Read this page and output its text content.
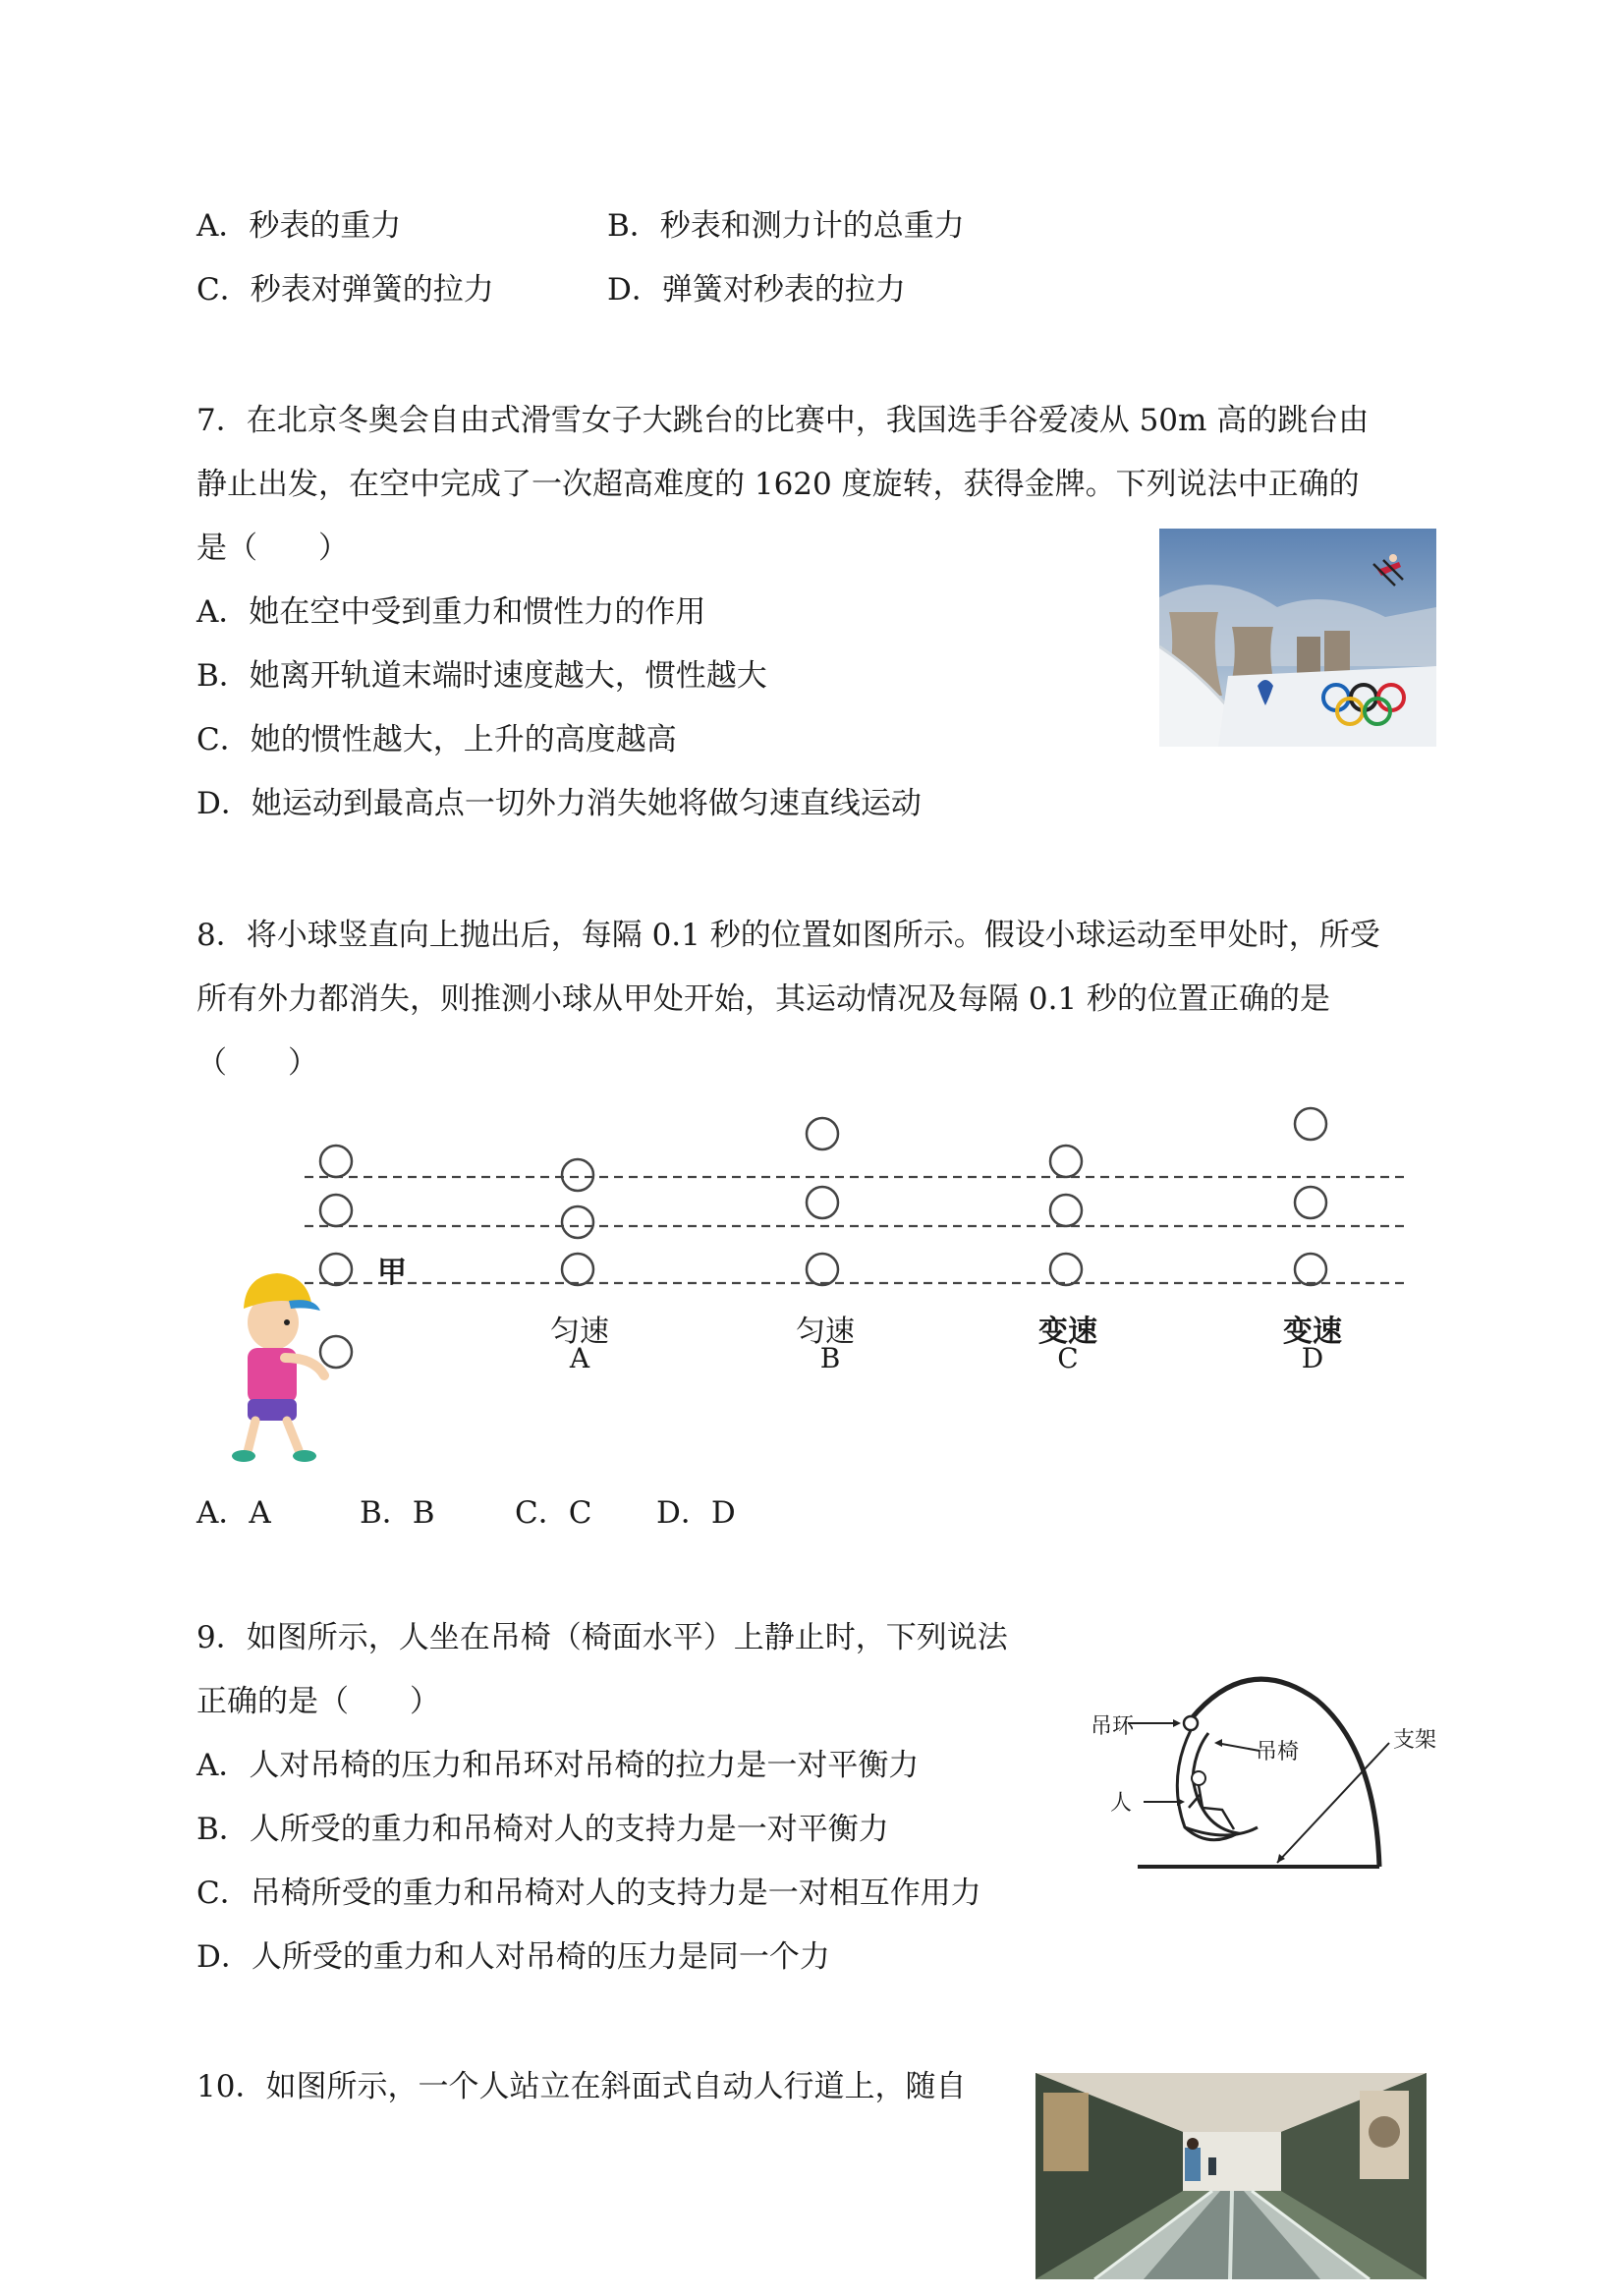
A．秒表的重力	B．秒表和测力计的总重力
C．秒表对弹簧的拉力	D．弹簧对秒表的拉力
7．在北京冬奥会自由式滑雪女子大跳台的比赛中，我国选手谷爱凌从 50m 高的跳台由
静止出发，在空中完成了一次超高难度的 1620 度旋转，获得金牌。下列说法中正确的
是（　　）
A．她在空中受到重力和惯性力的作用
B．她离开轨道末端时速度越大，惯性越大
C．她的惯性越大，上升的高度越高
D．她运动到最高点一切外力消失她将做匀速直线运动
8．将小球竖直向上抛出后，每隔 0.1 秒的位置如图所示。假设小球运动至甲处时，所受
所有外力都消失，则推测小球从甲处开始，其运动情况及每隔 0.1 秒的位置正确的是
（　　）
甲
匀速
A
匀速
B
变速
C
变速
D
A．A	B．B	C．C D．D
9．如图所示，人坐在吊椅（椅面水平）上静止时，下列说法
正确的是（　　）
A．人对吊椅的压力和吊环对吊椅的拉力是一对平衡力
B．人所受的重力和吊椅对人的支持力是一对平衡力
C．吊椅所受的重力和吊椅对人的支持力是一对相互作用力
D．人所受的重力和人对吊椅的压力是同一个力
吊环
吊椅	支架
人
10．如图所示，一个人站立在斜面式自动人行道上，随自
